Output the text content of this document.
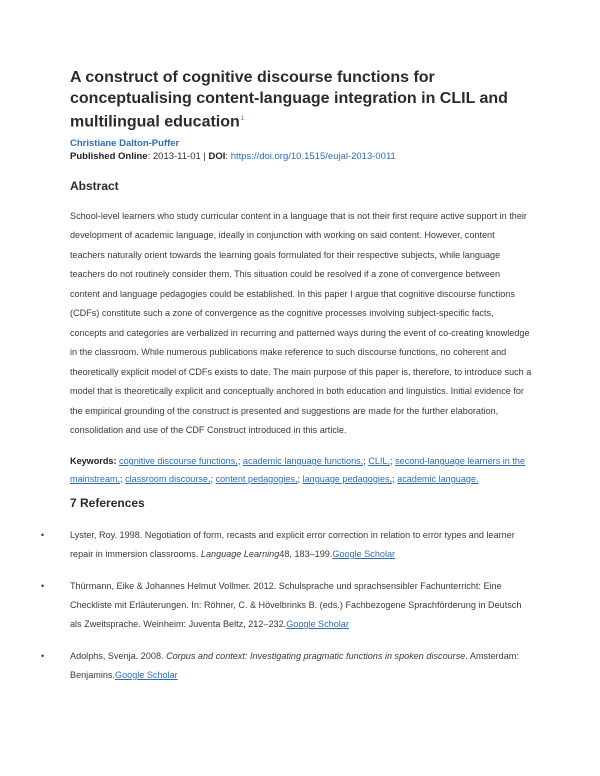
A construct of cognitive discourse functions for conceptualising content-language integration in CLIL and multilingual education$^1$
Christiane Dalton-Puffer
Published Online: 2013-11-01 | DOI: https://doi.org/10.1515/eujal-2013-0011
Abstract
School-level learners who study curricular content in a language that is not their first require active support in their development of academic language, ideally in conjunction with working on said content. However, content teachers naturally orient towards the learning goals formulated for their respective subjects, while language teachers do not routinely consider them. This situation could be resolved if a zone of convergence between content and language pedagogies could be established. In this paper I argue that cognitive discourse functions (CDFs) constitute such a zone of convergence as the cognitive processes involving subject-specific facts, concepts and categories are verbalized in recurring and patterned ways during the event of co-creating knowledge in the classroom. While numerous publications make reference to such discourse functions, no coherent and theoretically explicit model of CDFs exists to date. The main purpose of this paper is, therefore, to introduce such a model that is theoretically explicit and conceptually anchored in both education and linguistics. Initial evidence for the empirical grounding of the construct is presented and suggestions are made for the further elaboration, consolidation and use of the CDF Construct introduced in this article.
Keywords: cognitive discourse functions,; academic language functions,; CLIL,; second-language learners in the mainstream,; classroom discourse,; content pedagogies,; language pedagogies,; academic language.
7 References
•	Lyster, Roy. 1998. Negotiation of form, recasts and explicit error correction in relation to error types and learner repair in immersion classrooms. Language Learning48, 183–199.Google Scholar
•	Thürmann, Eike & Johannes Helmut Vollmer. 2012. Schulsprache und sprachsensibler Fachunterricht: Eine Checkliste mit Erläuterungen. In: Röhner, C. & Hövelbrinks B. (eds.) Fachbezogene Sprachförderung in Deutsch als Zweitsprache. Weinheim: Juventa Beltz, 212–232.Google Scholar
•	Adolphs, Svenja. 2008. Corpus and context: Investigating pragmatic functions in spoken discourse. Amsterdam: Benjamins.Google Scholar
